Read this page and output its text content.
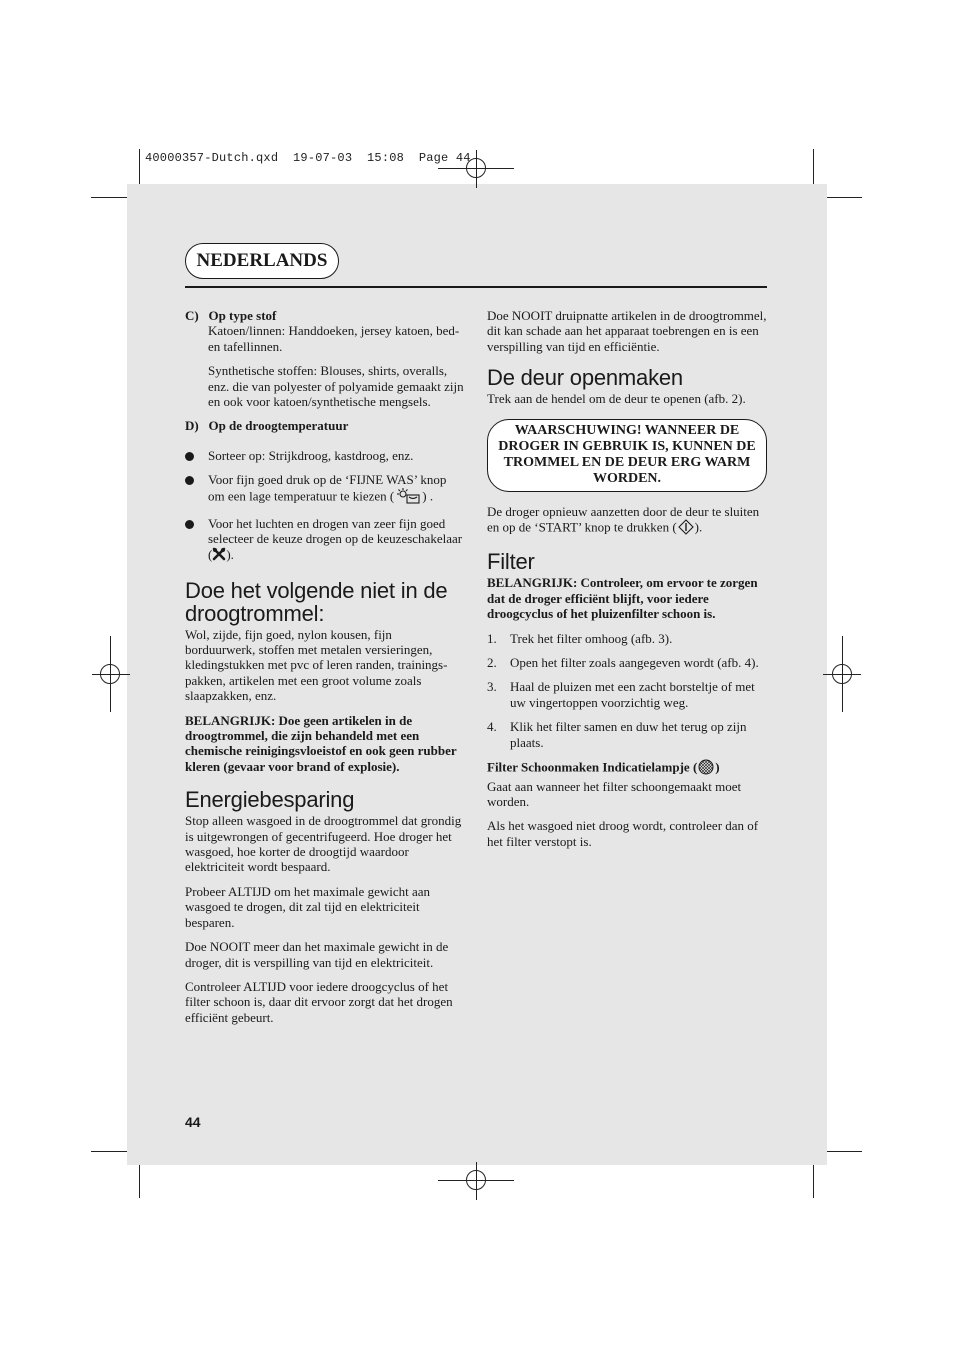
40000357-Dutch.qxd  19-07-03  15:08  Page 44
NEDERLANDS

C) Op type stof

Katoen/linnen: Handdoeken, jersey katoen, bed- en tafellinnen.

Synthetische stoffen: Blouses, shirts, overalls, enz. die van polyester of polyamide gemaakt zijn en ook voor katoen/synthetische mengsels.

D) Op de droogtemperatuur

Sorteer op: Strijkdroog, kastdroog, enz.
Voor fijn goed druk op de ‘FIJNE WAS’ knop om een lage temperatuur te kiezen ( ) .
Voor het luchten en drogen van zeer fijn goed selecteer de keuze drogen op de keuzeschakelaar ( ).
Doe het volgende niet in de droogtrommel:

Wol, zijde, fijn goed, nylon kousen, fijn borduurwerk, stoffen met metalen versieringen, kledingstukken met pvc of leren randen, trainings-pakken, artikelen met een groot volume zoals slaapzakken, enz.

BELANGRIJK: Doe geen artikelen in de droogtrommel, die zijn behandeld met een chemische reinigingsvloeistof en ook geen rubber kleren (gevaar voor brand of explosie).

Energiebesparing

Stop alleen wasgoed in de droogtrommel dat grondig is uitgewrongen of gecentrifugeerd. Hoe droger het wasgoed, hoe korter de droogtijd waardoor elektriciteit wordt bespaard.

Probeer ALTIJD om het maximale gewicht aan wasgoed te drogen, dit zal tijd en elektriciteit besparen.

Doe NOOIT meer dan het maximale gewicht in de droger, dit is verspilling van tijd en elektriciteit.

Controleer ALTIJD voor iedere droogcyclus of het filter schoon is, daar dit ervoor zorgt dat het drogen efficiënt gebeurt.

Doe NOOIT druipnatte artikelen in de droogtrommel, dit kan schade aan het apparaat toebrengen en is een verspilling van tijd en efficiëntie.

De deur openmaken

Trek aan de hendel om de deur te openen (afb. 2).

WAARSCHUWING! WANNEER DE DROGER IN GEBRUIK IS, KUNNEN DE TROMMEL EN DE DEUR ERG WARM WORDEN.

De droger opnieuw aanzetten door de deur te sluiten en op de ‘START’ knop te drukken ( ).

Filter

BELANGRIJK: Controleer, om ervoor te zorgen dat de droger efficiënt blijft, voor iedere droogcyclus of het pluizenfilter schoon is.

1. Trek het filter omhoog (afb. 3).
2. Open het filter zoals aangegeven wordt (afb. 4).
3. Haal de pluizen met een zacht borsteltje of met uw vingertoppen voorzichtig weg.
4. Klik het filter samen en duw het terug op zijn plaats.

Filter Schoonmaken Indicatielampje ( )

Gaat aan wanneer het filter schoongemaakt moet worden.

Als het wasgoed niet droog wordt, controleer dan of het filter verstopt is.

44
